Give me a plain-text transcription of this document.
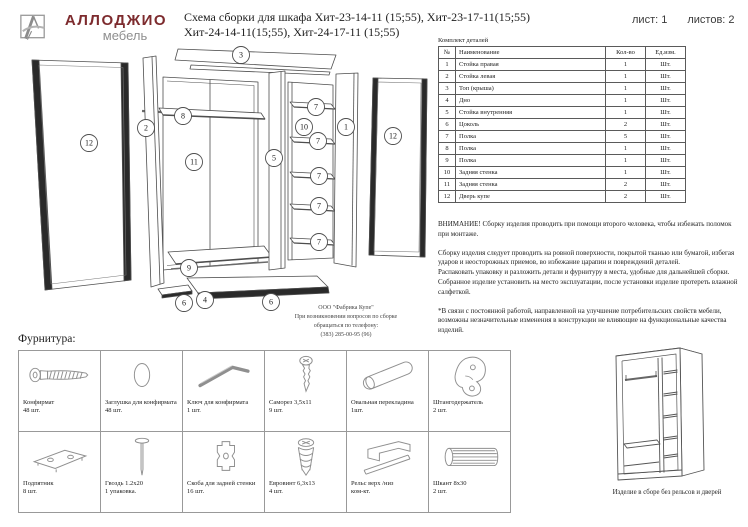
АЛЛОДЖИО
мебель
Схема сборки для шкафа Хит-23-14-11 (15;55), Хит-23-17-11(15;55)
Хит-24-14-11(15;55), Хит-24-17-11 (15;55)
лист: 1 листов: 2
Комплект деталей
№	Наименование	Кол-во	Ед.изм.
1	Стойка правая	1	Шт.
2	Стойка левая	1	Шт.
3	Топ (крыша)	1	Шт.
4	Дно	1	Шт.
5	Стойка внутренняя	1	Шт.
6	Цоколь	2	Шт.
7	Полка	5	Шт.
8	Полка	1	Шт.
9	Полка	1	Шт.
10	Задняя стенка	1	Шт.
11	Задняя стенка	2	Шт.
12	Дверь купе	2	Шт.

ВНИМАНИЕ! Сборку изделия проводить при помощи второго человека, чтобы избежать поломок при монтаже.

Сборку изделия следует проводить на ровной поверхности, покрытой тканью или бумагой, избегая ударов и неосторожных приемов, во избежание царапин и повреждений деталей.

Распаковать упаковку и разложить детали и фурнитуру в места, удобные для дальнейшей сборки.

Собранное изделие установить на место эксплуатации, после установки изделие протереть влажной салфеткой.

*В связи с постоянной работой, направленной на улучшение потребительских свойств мебели, возможны незначительные изменения в конструкции не влияющие на функциональные качества изделий.

3
12
2
8
11	5
10
7
7
7
7
7
1
12
9
6 4	6
ООО "Фабрика Купе"
При возникновении вопросов по сборке
обращаться по телефону:
(383) 285-00-95 (96)
Фурнитура:
Конфирмат
48 шт.
Заглушка для конфирмата
48 шт.
Ключ для конфирмата
1 шт.
Саморез 3,5х11
9 шт.
Овальная перекладина
1шт.
Штангодержатель
2 шт.
Подпятник
8 шт.
Гвоздь 1.2х20
1 упаковка.
Скоба для задней стенки
16 шт.
Евровинт 6,3х13
4 шт.
Рельс верх /низ
ком-кт.
Шкант 8х30
2 шт.	Изделие в сборе без рельсов и дверей
